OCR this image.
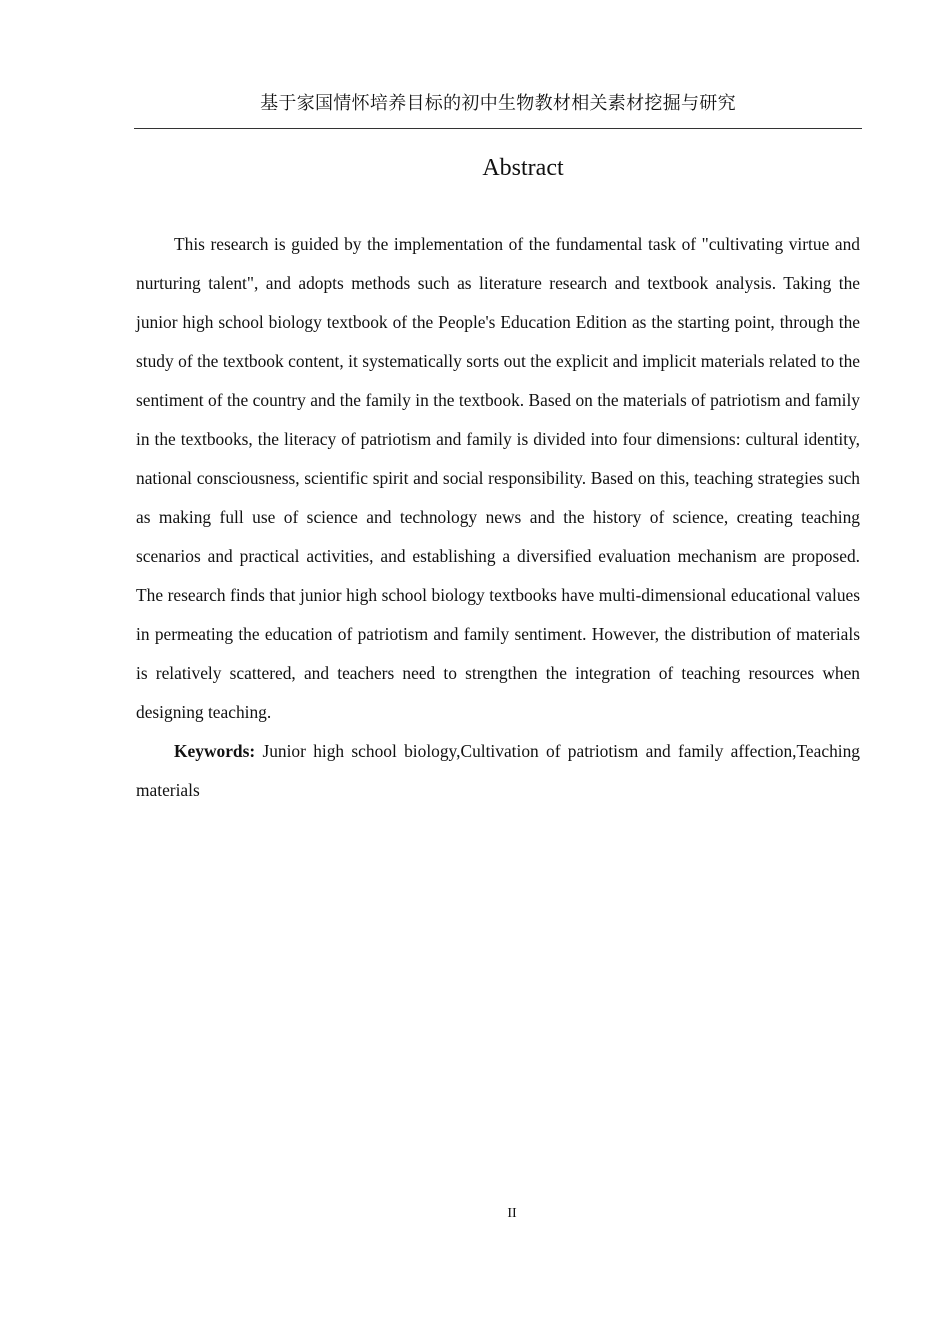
基于家国情怀培养目标的初中生物教材相关素材挖掘与研究
Abstract

This research is guided by the implementation of the fundamental task of "cultivating virtue and nurturing talent", and adopts methods such as literature research and textbook analysis. Taking the junior high school biology textbook of the People's Education Edition as the starting point, through the study of the textbook content, it systematically sorts out the explicit and implicit materials related to the sentiment of the country and the family in the textbook. Based on the materials of patriotism and family in the textbooks, the literacy of patriotism and family is divided into four dimensions: cultural identity, national consciousness, scientific spirit and social responsibility. Based on this, teaching strategies such as making full use of science and technology news and the history of science, creating teaching scenarios and practical activities, and establishing a diversified evaluation mechanism are proposed. The research finds that junior high school biology textbooks have multi-dimensional educational values in permeating the education of patriotism and family sentiment. However, the distribution of materials is relatively scattered, and teachers need to strengthen the integration of teaching resources when designing teaching.

Keywords: Junior high school biology,Cultivation of patriotism and family affection,Teaching materials

II
